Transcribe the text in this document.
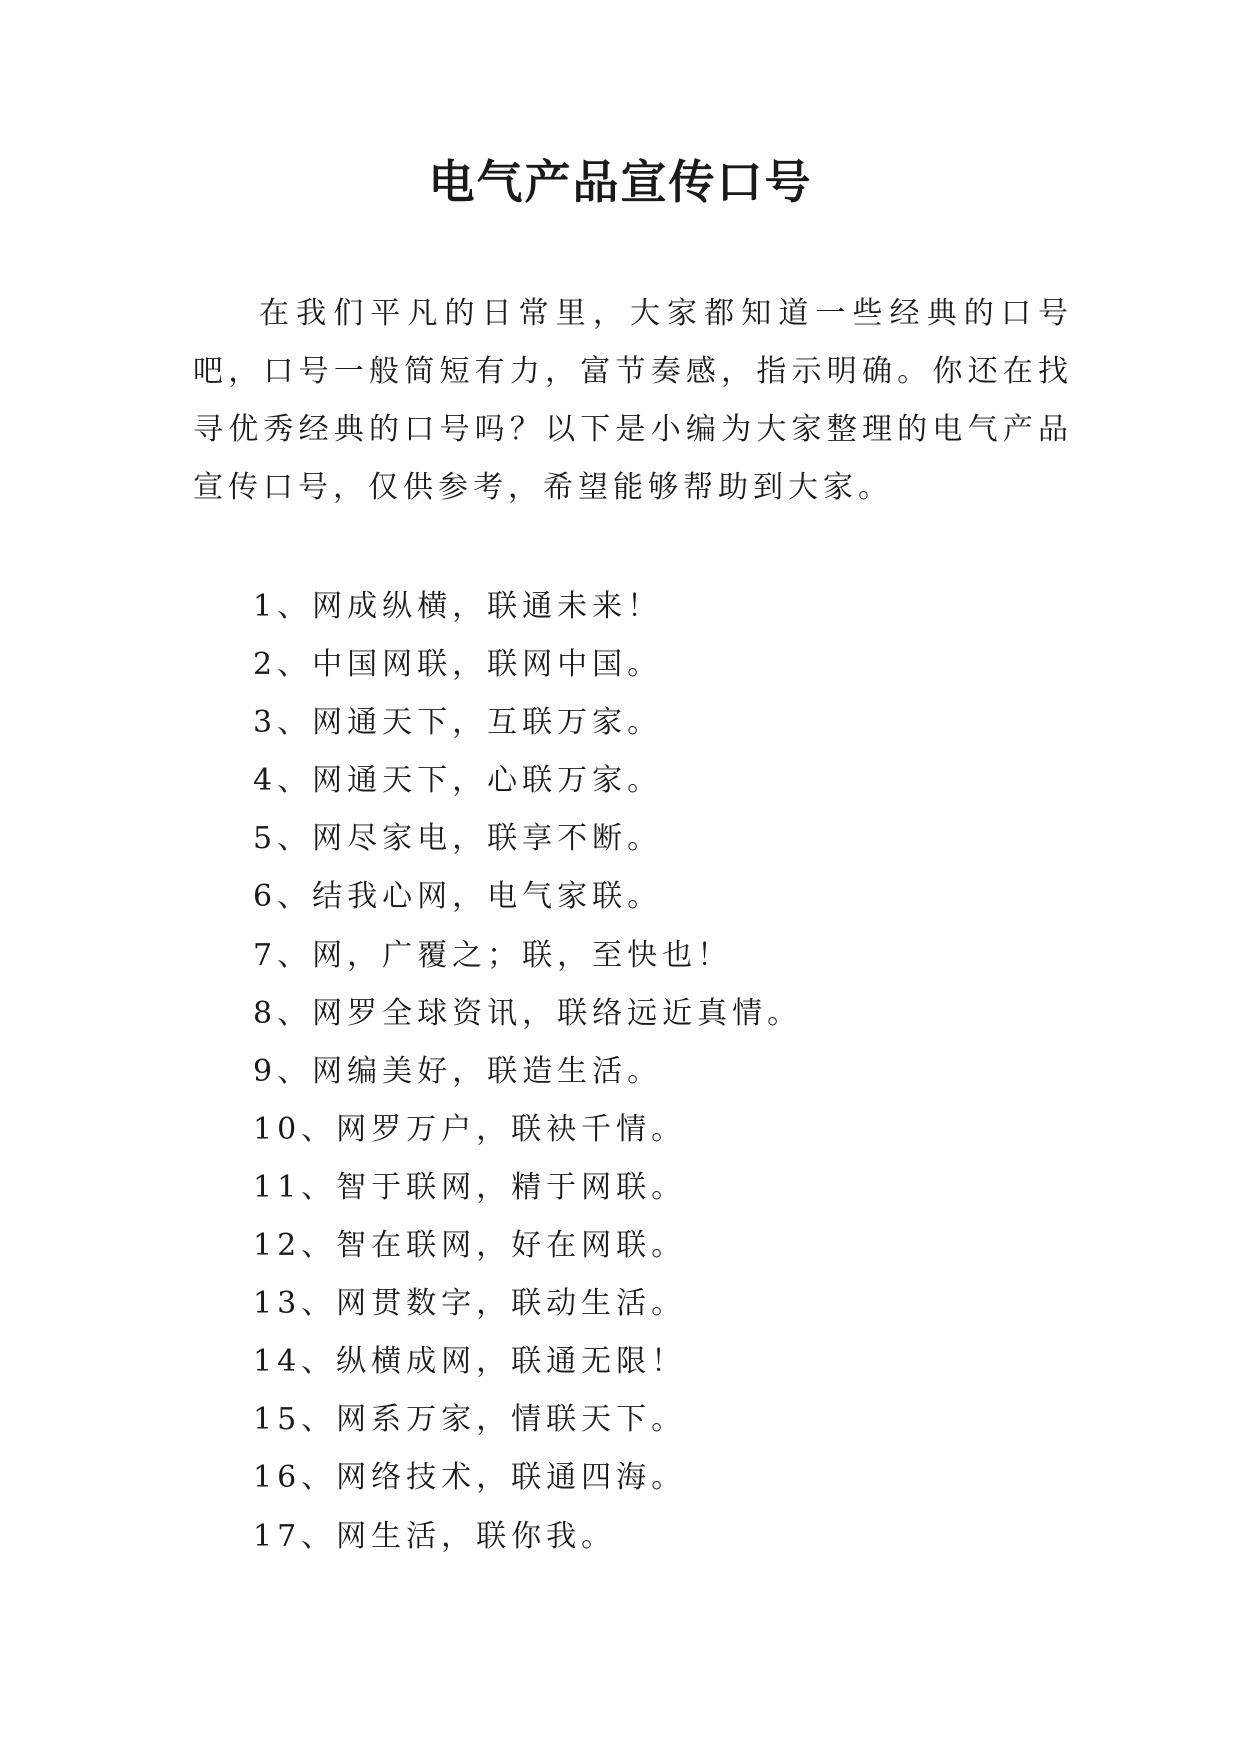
电气产品宣传口号

在我们平凡的日常里，大家都知道一些经典的口号吧，口号一般简短有力，富节奏感，指示明确。你还在找寻优秀经典的口号吗？以下是小编为大家整理的电气产品宣传口号，仅供参考，希望能够帮助到大家。

1、网成纵横，联通未来！
2、中国网联，联网中国。
3、网通天下，互联万家。
4、网通天下，心联万家。
5、网尽家电，联享不断。
6、结我心网，电气家联。
7、网，广覆之；联，至快也！
8、网罗全球资讯，联络远近真情。
9、网编美好，联造生活。
10、网罗万户，联袂千情。
11、智于联网，精于网联。
12、智在联网，好在网联。
13、网贯数字，联动生活。
14、纵横成网，联通无限！
15、网系万家，情联天下。
16、网络技术，联通四海。
17、网生活，联你我。
